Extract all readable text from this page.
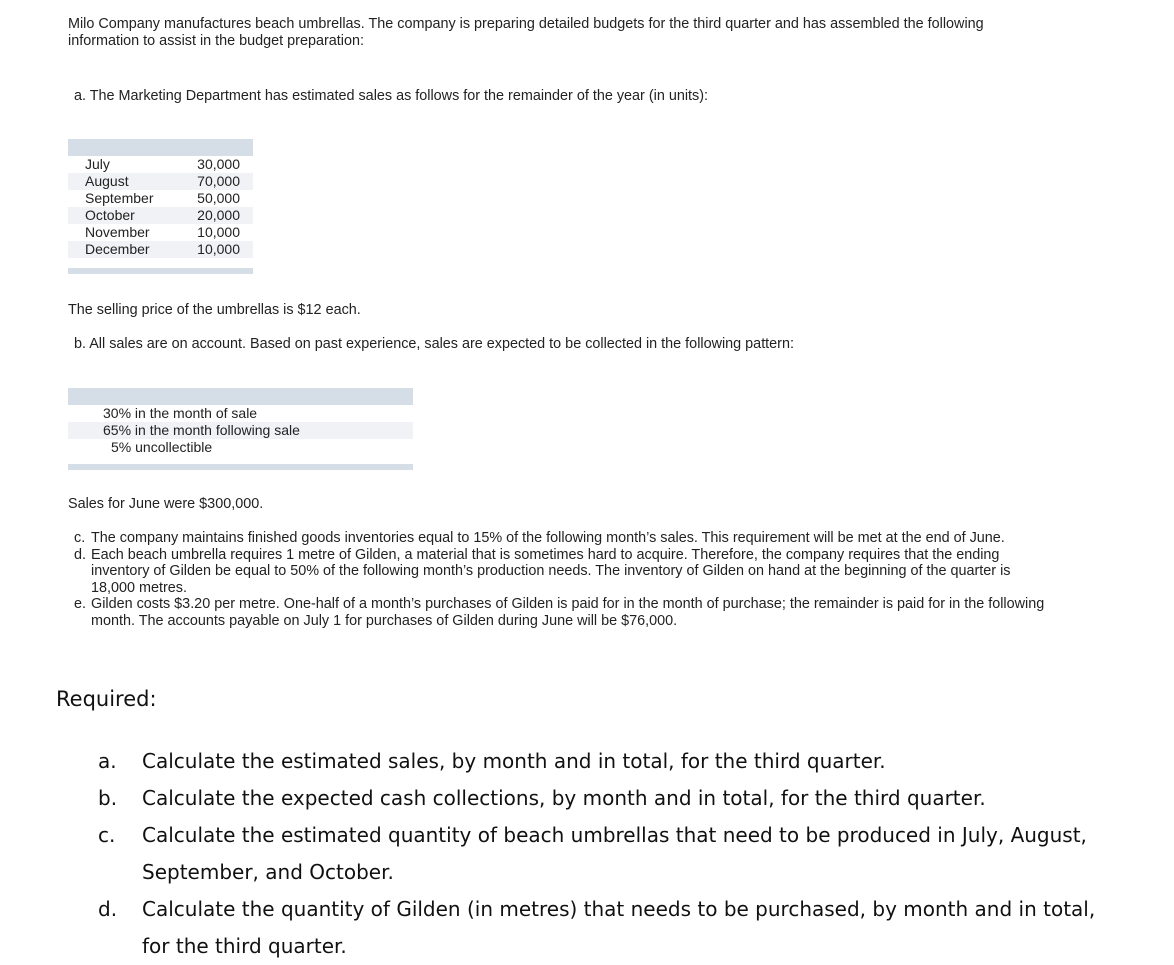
Milo Company manufactures beach umbrellas. The company is preparing detailed budgets for the third quarter and has assembled the following
information to assist in the budget preparation:
a. The Marketing Department has estimated sales as follows for the remainder of the year (in units):
July	30,000
August	70,000
September	50,000
October	20,000
November	10,000
December	10,000
The selling price of the umbrellas is $12 each.
b. All sales are on account. Based on past experience, sales are expected to be collected in the following pattern:
30% in the month of sale
65% in the month following sale
5% uncollectible
Sales for June were $300,000.
c. The company maintains finished goods inventories equal to 15% of the following month’s sales. This requirement will be met at the end of June.
d. Each beach umbrella requires 1 metre of Gilden, a material that is sometimes hard to acquire. Therefore, the company requires that the ending
inventory of Gilden be equal to 50% of the following month’s production needs. The inventory of Gilden on hand at the beginning of the quarter is
18,000 metres.
e. Gilden costs $3.20 per metre. One-half of a month’s purchases of Gilden is paid for in the month of purchase; the remainder is paid for in the following
month. The accounts payable on July 1 for purchases of Gilden during June will be $76,000.
Required:
a. Calculate the estimated sales, by month and in total, for the third quarter.
b. Calculate the expected cash collections, by month and in total, for the third quarter.
c. Calculate the estimated quantity of beach umbrellas that need to be produced in July, August,
September, and October.
d. Calculate the quantity of Gilden (in metres) that needs to be purchased, by month and in total,
for the third quarter.
